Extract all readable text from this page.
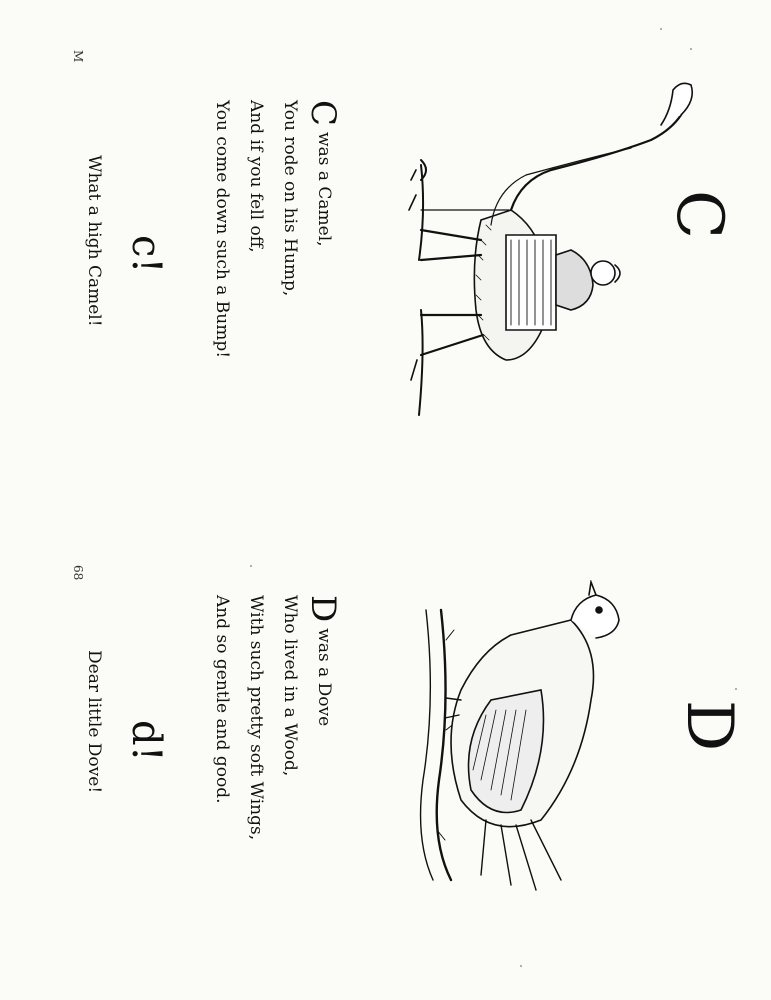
M
C
C
was a Camel,
You rode on his Hump,
And if you fell off,
You come down such a Bump!
c!
What a high Camel!
68
D
D
was a Dove
Who lived in a Wood,
With such pretty soft Wings,
And so gentle and good.
d!
Dear little Dove!
